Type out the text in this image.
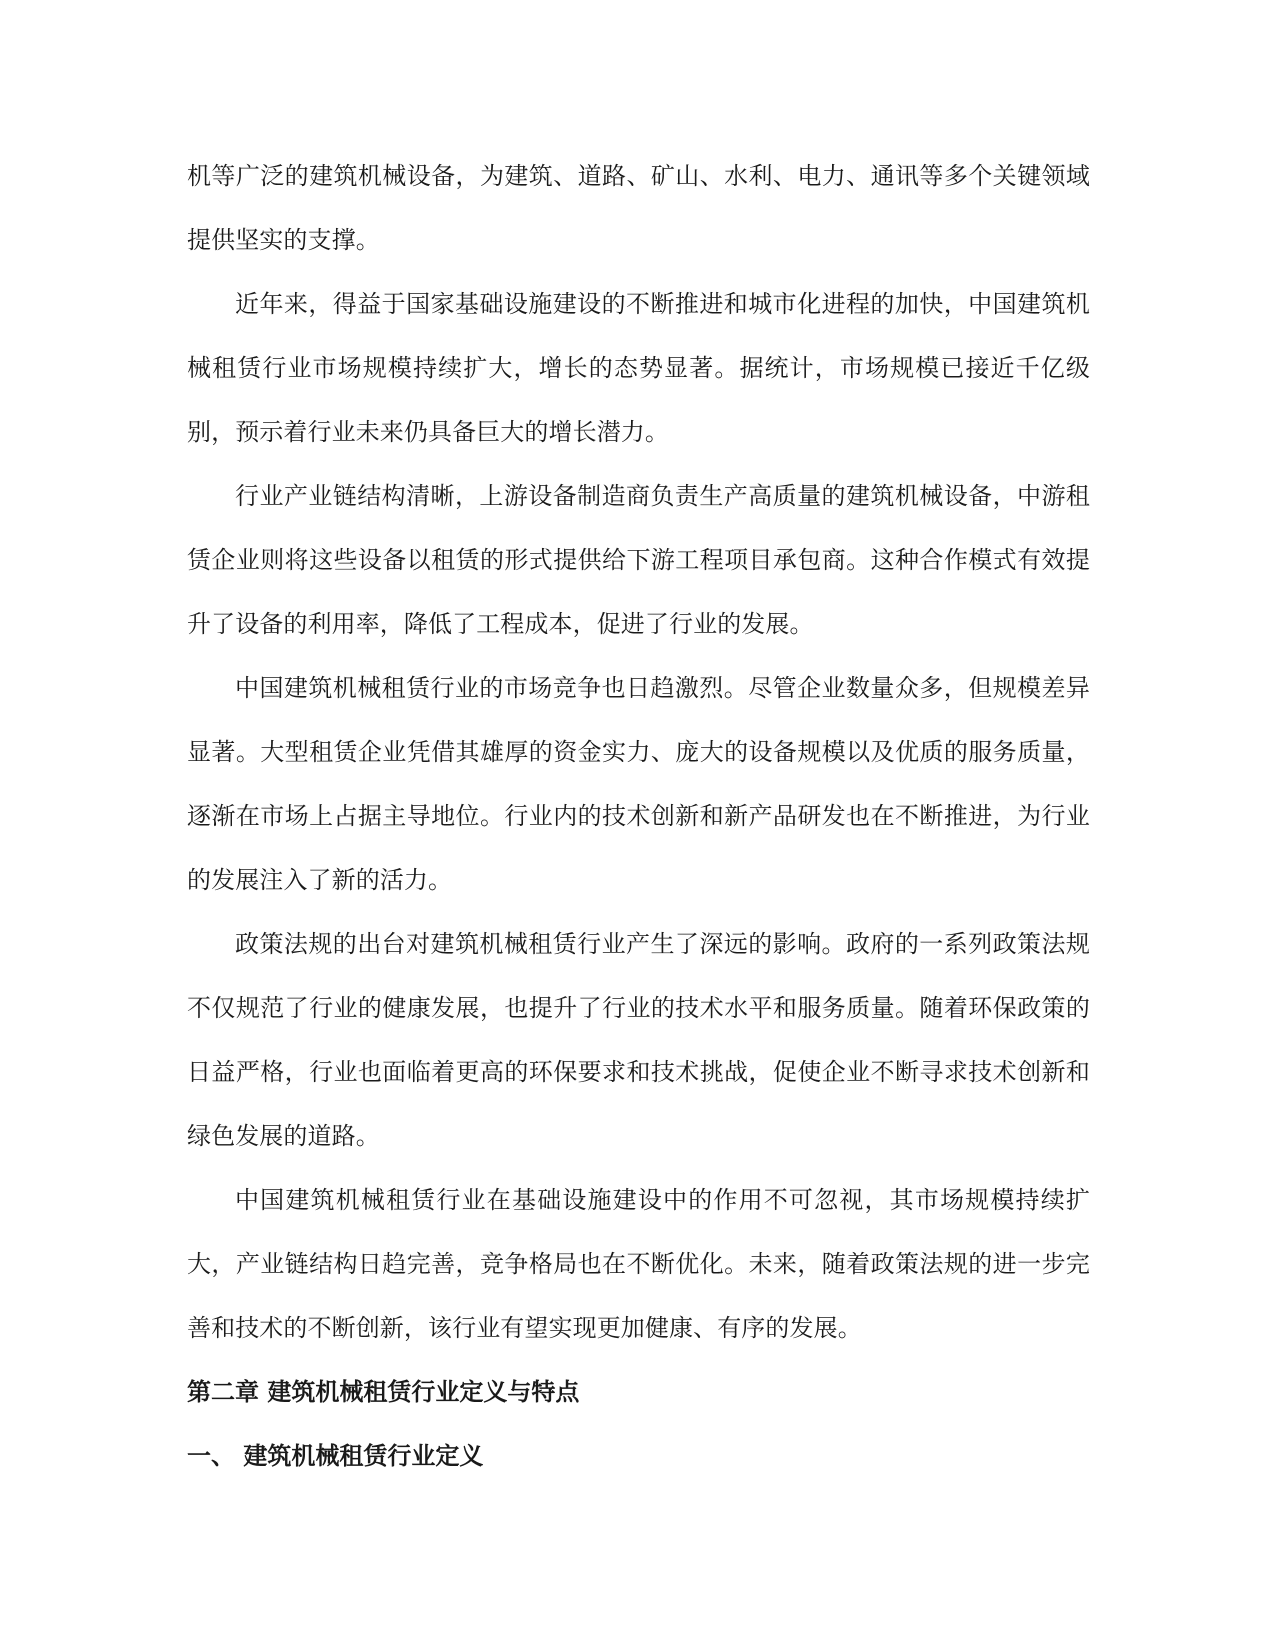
机等广泛的建筑机械设备，为建筑、道路、矿山、水利、电力、通讯等多个关键领域提供坚实的支撑。

近年来，得益于国家基础设施建设的不断推进和城市化进程的加快，中国建筑机械租赁行业市场规模持续扩大，增长的态势显著。据统计，市场规模已接近千亿级别，预示着行业未来仍具备巨大的增长潜力。

行业产业链结构清晰，上游设备制造商负责生产高质量的建筑机械设备，中游租赁企业则将这些设备以租赁的形式提供给下游工程项目承包商。这种合作模式有效提升了设备的利用率，降低了工程成本，促进了行业的发展。

中国建筑机械租赁行业的市场竞争也日趋激烈。尽管企业数量众多，但规模差异显著。大型租赁企业凭借其雄厚的资金实力、庞大的设备规模以及优质的服务质量，逐渐在市场上占据主导地位。行业内的技术创新和新产品研发也在不断推进，为行业的发展注入了新的活力。

政策法规的出台对建筑机械租赁行业产生了深远的影响。政府的一系列政策法规不仅规范了行业的健康发展，也提升了行业的技术水平和服务质量。随着环保政策的日益严格，行业也面临着更高的环保要求和技术挑战，促使企业不断寻求技术创新和绿色发展的道路。

中国建筑机械租赁行业在基础设施建设中的作用不可忽视，其市场规模持续扩大，产业链结构日趋完善，竞争格局也在不断优化。未来，随着政策法规的进一步完善和技术的不断创新，该行业有望实现更加健康、有序的发展。

第二章 建筑机械租赁行业定义与特点
一、 建筑机械租赁行业定义
